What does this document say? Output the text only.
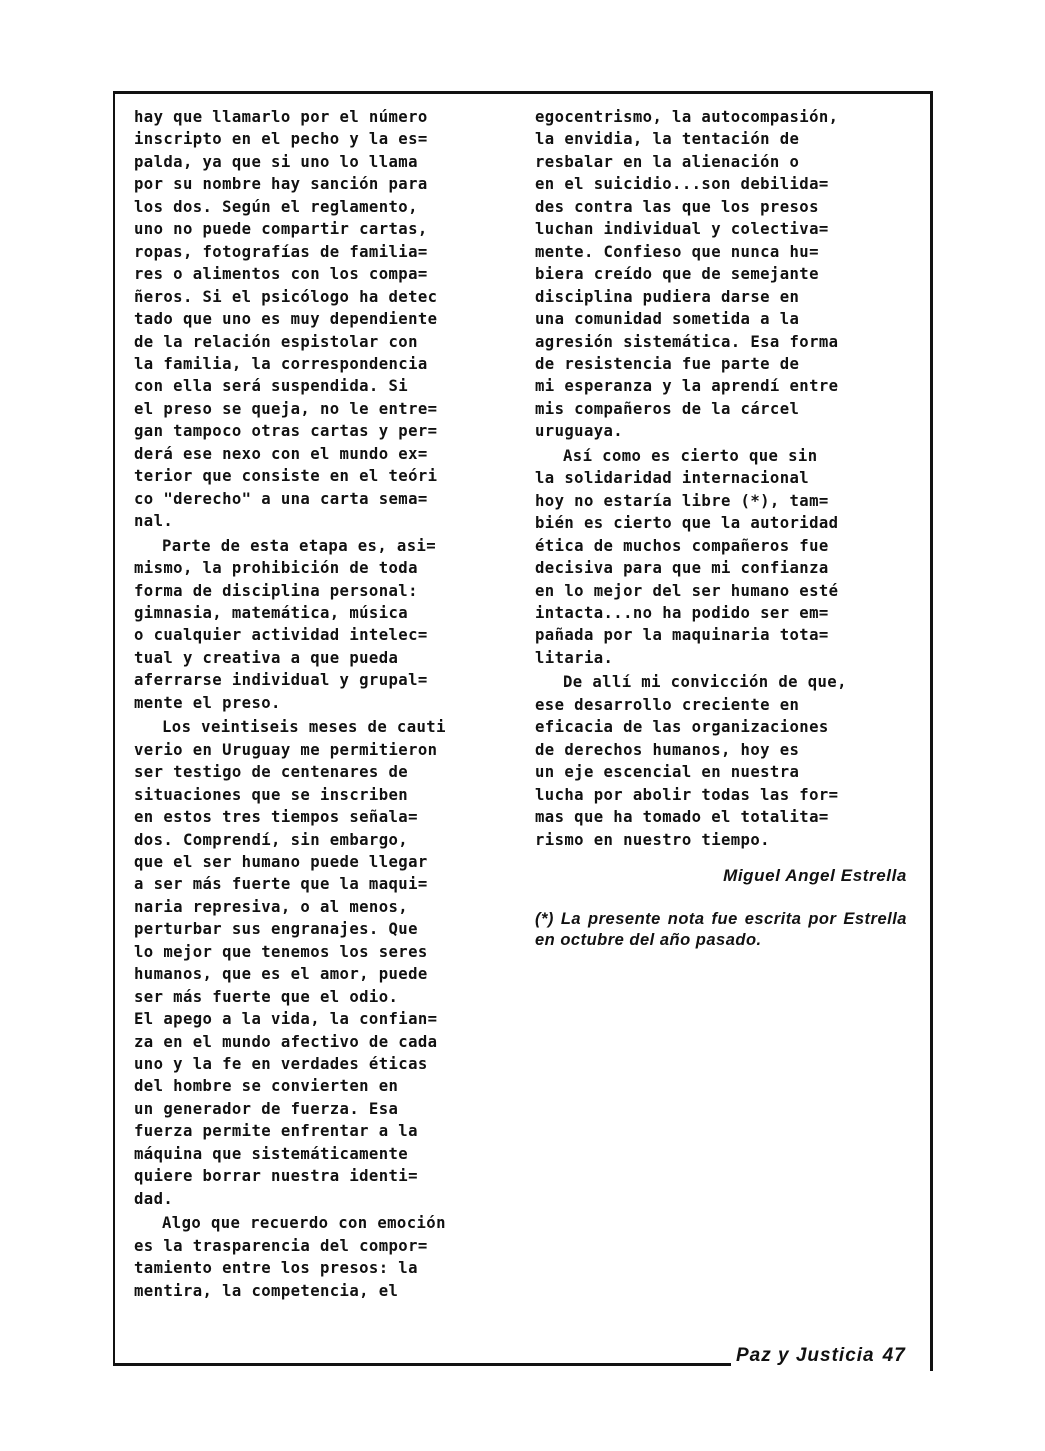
hay que llamarlo por el número
inscripto en el pecho y la es=
palda, ya que si uno lo llama
por su nombre hay sanción para
los dos. Según el reglamento,
uno no puede compartir cartas,
ropas, fotografías de familia=
res o alimentos con los compa=
ñeros. Si el psicólogo ha detec
tado que uno es muy dependiente
de la relación espistolar con
la familia, la correspondencia
con ella será suspendida. Si
el preso se queja, no le entre=
gan tampoco otras cartas y per=
derá ese nexo con el mundo ex=
terior que consiste en el teóri
co "derecho" a una carta sema=
nal.

Parte de esta etapa es, asi=
mismo, la prohibición de toda
forma de disciplina personal:
gimnasia, matemática, música
o cualquier actividad intelec=
tual y creativa a que pueda
aferrarse individual y grupal=
mente el preso.

Los veintiseis meses de cauti
verio en Uruguay me permitieron
ser testigo de centenares de
situaciones que se inscriben
en estos tres tiempos señala=
dos. Comprendí, sin embargo,
que el ser humano puede llegar
a ser más fuerte que la maqui=
naria represiva, o al menos,
perturbar sus engranajes. Que
lo mejor que tenemos los seres
humanos, que es el amor, puede
ser más fuerte que el odio.
El apego a la vida, la confian=
za en el mundo afectivo de cada
uno y la fe en verdades éticas
del hombre se convierten en
un generador de fuerza. Esa
fuerza permite enfrentar a la
máquina que sistemáticamente
quiere borrar nuestra identi=
dad.

Algo que recuerdo con emoción
es la trasparencia del compor=
tamiento entre los presos: la
mentira, la competencia, el

egocentrismo, la autocompasión,
la envidia, la tentación de
resbalar en la alienación o
en el suicidio...son debilida=
des contra las que los presos
luchan individual y colectiva=
mente. Confieso que nunca hu=
biera creído que de semejante
disciplina pudiera darse en
una comunidad sometida a la
agresión sistemática. Esa forma
de resistencia fue parte de
mi esperanza y la aprendí entre
mis compañeros de la cárcel
uruguaya.

Así como es cierto que sin
la solidaridad internacional
hoy no estaría libre (*), tam=
bién es cierto que la autoridad
ética de muchos compañeros fue
decisiva para que mi confianza
en lo mejor del ser humano esté
intacta...no ha podido ser em=
pañada por la maquinaria tota=
litaria.

De allí mi convicción de que,
ese desarrollo creciente en
eficacia de las organizaciones
de derechos humanos, hoy es
un eje escencial en nuestra
lucha por abolir todas las for=
mas que ha tomado el totalita=
rismo en nuestro tiempo.

Miguel Angel Estrella

(*) La presente nota fue escrita por Estrella en octubre del año pasado.

Paz y Justicia 47
